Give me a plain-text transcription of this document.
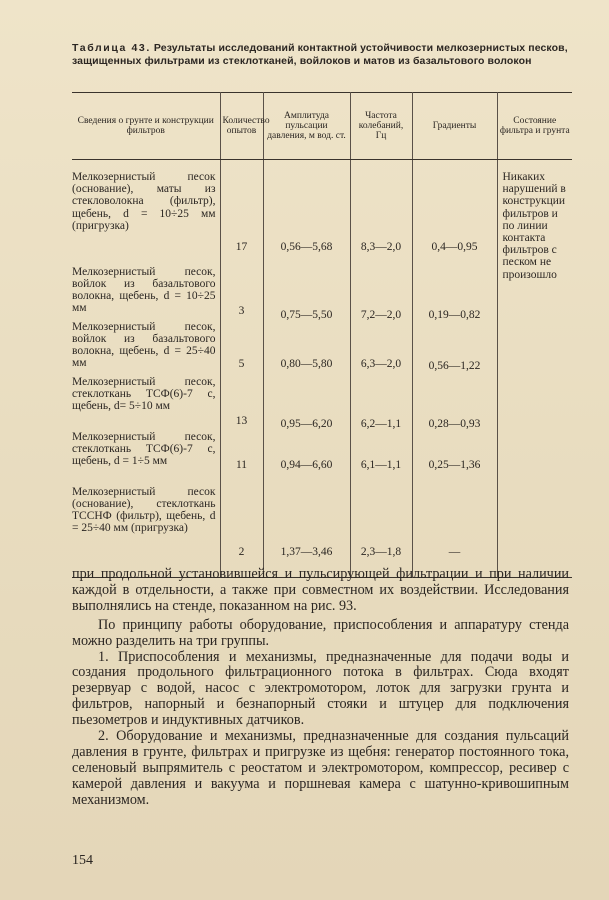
Таблица 43. Результаты исследований контактной устойчивости мелкозернистых песков, защищенных фильтрами из стеклотканей, войлоков и матов из базальтового волокон
Сведения о грунте и конструкции фильтров	Количество опытов	Амплитуда пульсации давления, м вод. ст.	Частота колебаний, Гц	Градиенты	Состояние фильтра и грунта
Мелкозернистый песок (основание), маты из стекловолокна (фильтр), щебень, d = 10÷25 мм (пригрузка)	17	0,56—5,68	8,3—2,0	0,4—0,95	Никаких нарушений в конструкции фильтров и по линии контакта фильтров с песком не произошло
Мелкозернистый песок, войлок из базальтового волокна, щебень, d = 10÷25 мм	3	0,75—5,50	7,2—2,0	0,19—0,82	
Мелкозернистый песок, войлок из базальтового волокна, щебень, d = 25÷40 мм	5	0,80—5,80	6,3—2,0	0,56—1,22	
Мелкозернистый песок, стеклоткань ТСФ(6)-7 с, щебень, d= 5÷10 мм	13	0,95—6,20	6,2—1,1	0,28—0,93	
Мелкозернистый песок, стеклоткань ТСФ(6)-7 с, щебень, d = 1÷5 мм	11	0,94—6,60	6,1—1,1	0,25—1,36	
Мелкозернистый песок (основание), стеклоткань ТССНФ (фильтр), щебень, d = 25÷40 мм (пригрузка)	2	1,37—3,46	2,3—1,8	—	

при продольной установившейся и пульсирующей фильтрации и при наличии каждой в отдельности, а также при совместном их воздействии. Исследования выполнялись на стенде, показанном на рис. 93.

По принципу работы оборудование, приспособления и аппаратуру стенда можно разделить на три группы.

1. Приспособления и механизмы, предназначенные для подачи воды и создания продольного фильтрационного потока в фильтрах. Сюда входят резервуар с водой, насос с электромотором, лоток для загрузки грунта и фильтров, напорный и безнапорный стояки и штуцер для подключения пьезометров и индуктивных датчиков.

2. Оборудование и механизмы, предназначенные для создания пульсаций давления в грунте, фильтрах и пригрузке из щебня: генератор постоянного тока, селеновый выпрямитель с реостатом и электромотором, компрессор, ресивер с камерой давления и вакуума и поршневая камера с шатунно-кривошипным механизмом.

154
